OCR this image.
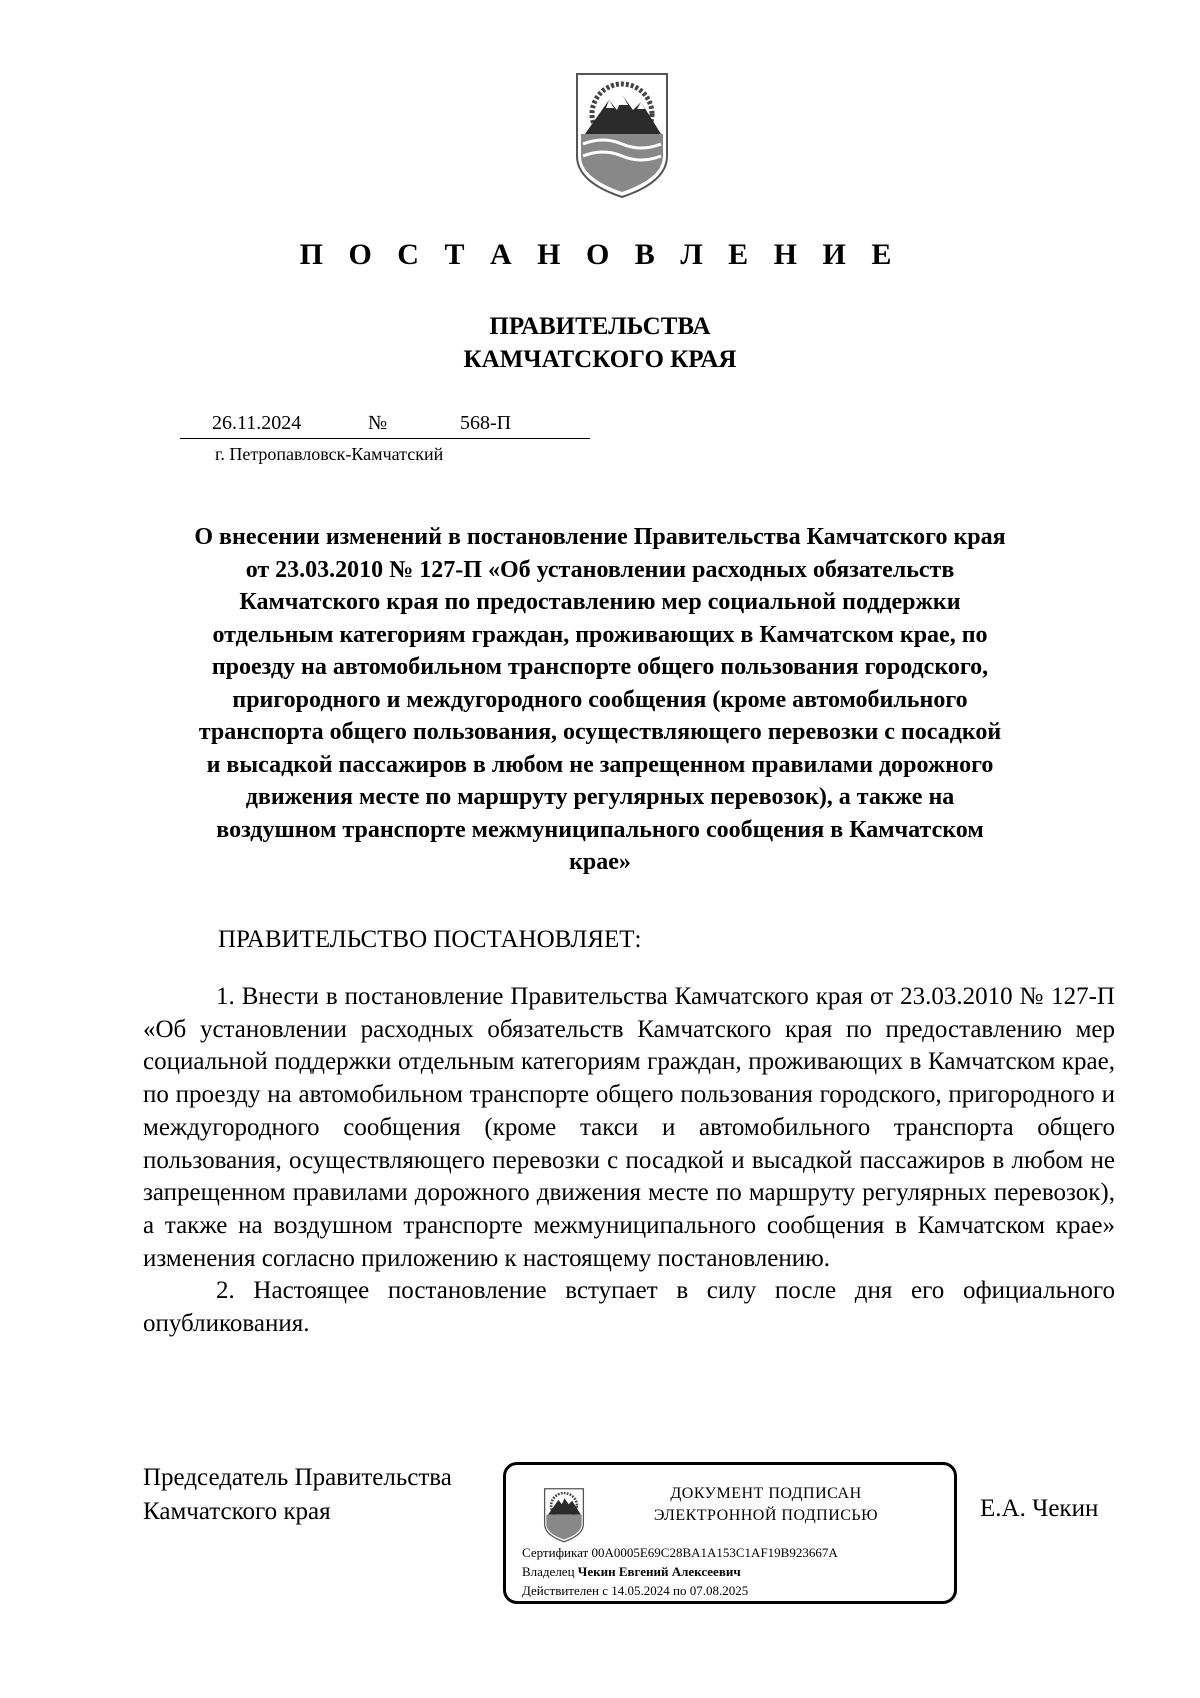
П О С Т А Н О В Л Е Н И Е
ПРАВИТЕЛЬСТВА
КАМЧАТСКОГО КРАЯ
26.11.2024	№	568-П
г. Петропавловск-Камчатский
О внесении изменений в постановление Правительства Камчатского края
от 23.03.2010 № 127-П «Об установлении расходных обязательств
Камчатского края по предоставлению мер социальной поддержки
отдельным категориям граждан, проживающих в Камчатском крае, по
проезду на автомобильном транспорте общего пользования городского,
пригородного и междугородного сообщения (кроме автомобильного
транспорта общего пользования, осуществляющего перевозки с посадкой
и высадкой пассажиров в любом не запрещенном правилами дорожного
движения месте по маршруту регулярных перевозок), а также на
воздушном транспорте межмуниципального сообщения в Камчатском
крае»
ПРАВИТЕЛЬСТВО ПОСТАНОВЛЯЕТ:

1. Внести в постановление Правительства Камчатского края от 23.03.2010 № 127-П «Об установлении расходных обязательств Камчатского края по предоставлению мер социальной поддержки отдельным категориям граждан, проживающих в Камчатском крае, по проезду на автомобильном транспорте общего пользования городского, пригородного и междугородного сообщения (кроме такси и автомобильного транспорта общего пользования, осуществляющего перевозки с посадкой и высадкой пассажиров в любом не запрещенном правилами дорожного движения месте по маршруту регулярных перевозок), а также на воздушном транспорте межмуниципального сообщения в Камчатском крае» изменения согласно приложению к настоящему постановлению.

2. Настоящее постановление вступает в силу после дня его официального опубликования.

Председатель Правительства
Камчатского края
ДОКУМЕНТ ПОДПИСАН
ЭЛЕКТРОННОЙ ПОДПИСЬЮ
Сертификат 00A0005E69C28BA1A153C1AF19B923667A
Владелец Чекин Евгений Алексеевич
Действителен с 14.05.2024 по 07.08.2025
Е.А. Чекин
